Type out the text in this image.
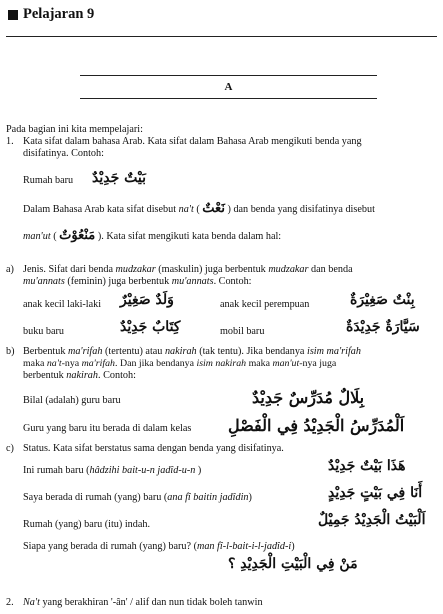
Pelajaran 9
A
Pada bagian ini kita mempelajari:
1. Kata sifat dalam bahasa Arab. Kata sifat dalam Bahasa Arab mengikuti benda yang
disifatinya. Contoh:
Rumah baru بَيْتٌ جَدِيْدٌ
Dalam Bahasa Arab kata sifat disebut na't ( نَعْتٌ ) dan benda yang disifatinya disebut
man'ut ( مَنْعُوْتٌ ). Kata sifat mengikuti kata benda dalam hal:
a) Jenis. Sifat dari benda mudzakar (maskulin) juga berbentuk mudzakar dan benda
mu'annats (feminin) juga berbentuk mu'annats. Contoh:
anak kecil laki-laki وَلَدٌ صَغِيْرٌ	anak kecil perempuan	بِنْتٌ صَغِيْرَةٌ
buku baru	كِتَابٌ جَدِيْدٌ	mobil baru	سَيَّارَةٌ جَدِيْدَةٌ
b) Berbentuk ma'rifah (tertentu) atau nakirah (tak tentu). Jika bendanya isim ma'rifah
maka na't-nya ma'rifah. Dan jika bendanya isim nakirah maka man'ut-nya juga
berbentuk nakirah. Contoh:
Bilal (adalah) guru baru	بِلَالٌ مُدَرِّسٌ جَدِيْدٌ
Guru yang baru itu berada di dalam kelas اَلْمُدَرِّسُ الْجَدِيْدُ فِي الْفَصْلِ
c) Status. Kata sifat berstatus sama dengan benda yang disifatinya.
Ini rumah baru (hâdzihi bait-u-n jadîd-u-n )	هَذَا بَيْتٌ جَدِيْدٌ
Saya berada di rumah (yang) baru (ana fî baitin jadîdin)	أَنَا فِي بَيْتٍ جَدِيْدٍ
Rumah (yang) baru (itu) indah.	اَلْبَيْتُ الْجَدِيْدُ جَمِيْلٌ
Siapa yang berada di rumah (yang) baru? (man fî-l-bait-i-l-jadîd-i)
مَنْ فِي الْبَيْتِ الْجَدِيْدِ ؟
2. Na't yang berakhiran '-ân' / alif dan nun tidak boleh tanwin
